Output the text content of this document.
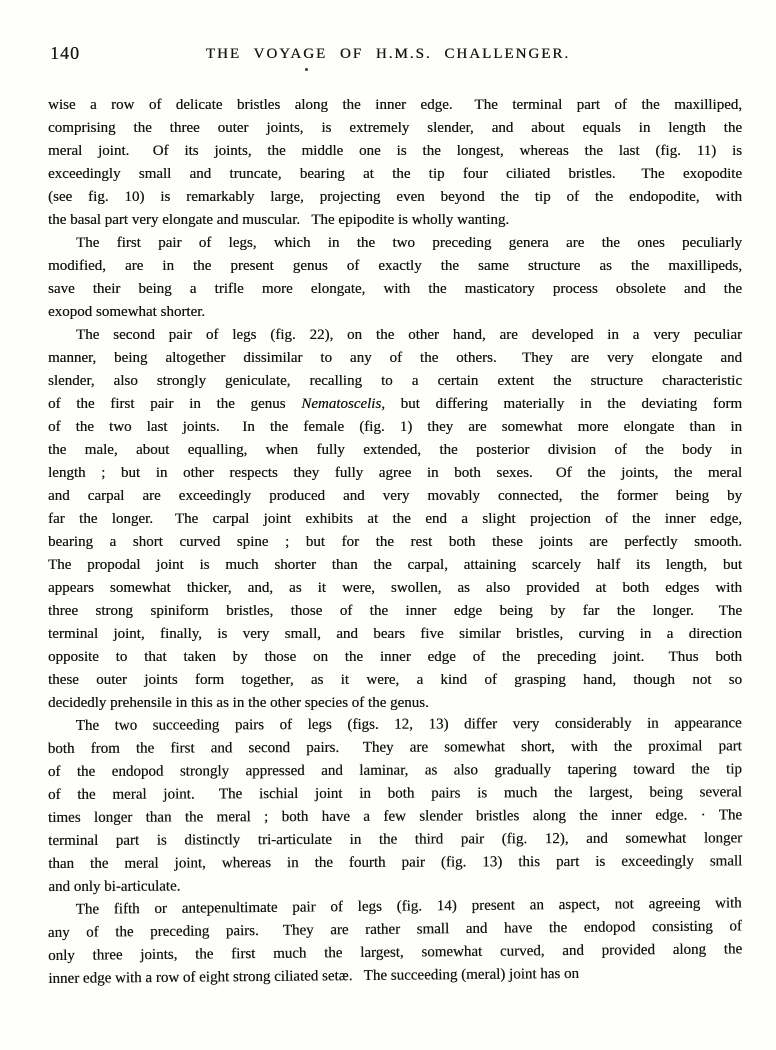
140	THE VOYAGE OF H.M.S. CHALLENGER.
wise a row of delicate bristles along the inner edge.  The terminal part of the maxilliped,
comprising the three outer joints, is extremely slender, and about equals in length the
meral joint.  Of its joints, the middle one is the longest, whereas the last (fig. 11) is
exceedingly small and truncate, bearing at the tip four ciliated bristles.  The exopodite
(see fig. 10) is remarkably large, projecting even beyond the tip of the endopodite, with
the basal part very elongate and muscular.  The epipodite is wholly wanting.
The first pair of legs, which in the two preceding genera are the ones peculiarly
modified, are in the present genus of exactly the same structure as the maxillipeds,
save their being a trifle more elongate, with the masticatory process obsolete and the
exopod somewhat shorter.
The second pair of legs (fig. 22), on the other hand, are developed in a very peculiar
manner, being altogether dissimilar to any of the others.  They are very elongate and
slender, also strongly geniculate, recalling to a certain extent the structure characteristic
of the first pair in the genus Nematoscelis, but differing materially in the deviating form
of the two last joints.  In the female (fig. 1) they are somewhat more elongate than in
the male, about equalling, when fully extended, the posterior division of the body in
length ; but in other respects they fully agree in both sexes.  Of the joints, the meral
and carpal are exceedingly produced and very movably connected, the former being by
far the longer.  The carpal joint exhibits at the end a slight projection of the inner edge,
bearing a short curved spine ; but for the rest both these joints are perfectly smooth.
The propodal joint is much shorter than the carpal, attaining scarcely half its length, but
appears somewhat thicker, and, as it were, swollen, as also provided at both edges with
three strong spiniform bristles, those of the inner edge being by far the longer.  The
terminal joint, finally, is very small, and bears five similar bristles, curving in a direction
opposite to that taken by those on the inner edge of the preceding joint.  Thus both
these outer joints form together, as it were, a kind of grasping hand, though not so
decidedly prehensile in this as in the other species of the genus.
The two succeeding pairs of legs (figs. 12, 13) differ very considerably in appearance
both from the first and second pairs.  They are somewhat short, with the proximal part
of the endopod strongly appressed and laminar, as also gradually tapering toward the tip
of the meral joint.  The ischial joint in both pairs is much the largest, being several
times longer than the meral ; both have a few slender bristles along the inner edge. · The
terminal part is distinctly tri-articulate in the third pair (fig. 12), and somewhat longer
than the meral joint, whereas in the fourth pair (fig. 13) this part is exceedingly small
and only bi-articulate.
The fifth or antepenultimate pair of legs (fig. 14) present an aspect, not agreeing with
any of the preceding pairs.  They are rather small and have the endopod consisting of
only three joints, the first much the largest, somewhat curved, and provided along the
inner edge with a row of eight strong ciliated setæ.  The succeeding (meral) joint has on
